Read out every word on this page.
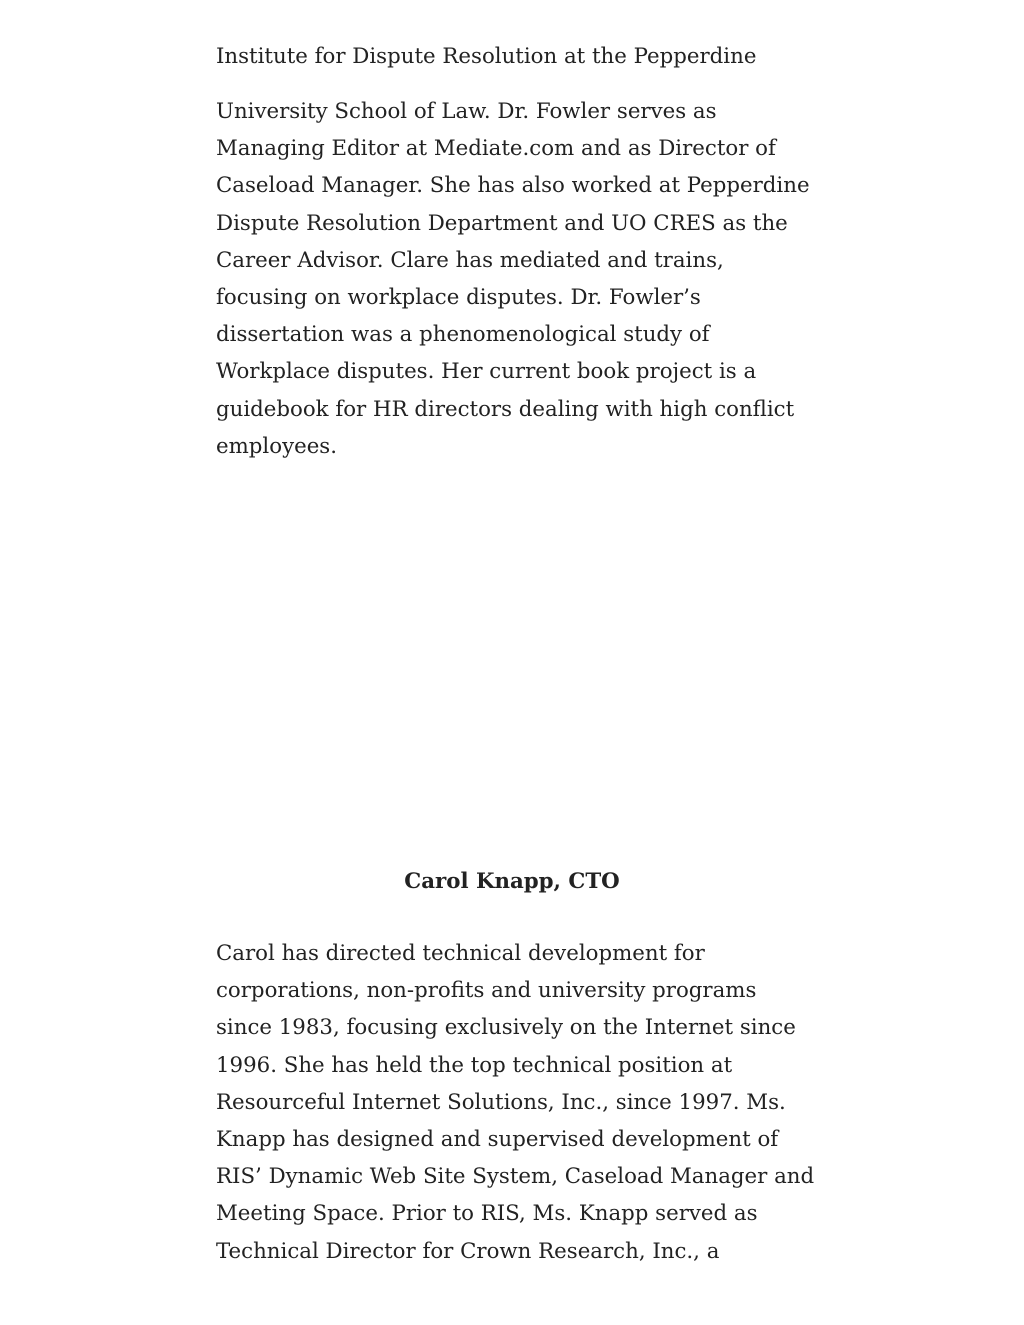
Institute for Dispute Resolution at the Pepperdine

University School of Law. Dr. Fowler serves as

Managing Editor at Mediate.com and as Director of

Caseload Manager. She has also worked at Pepperdine

Dispute Resolution Department and UO CRES as the

Career Advisor. Clare has mediated and trains,

focusing on workplace disputes. Dr. Fowler’s

dissertation was a phenomenological study of

Workplace disputes. Her current book project is a

guidebook for HR directors dealing with high conflict

employees.

Carol Knapp, CTO

Carol has directed technical development for

corporations, non-profits and university programs

since 1983, focusing exclusively on the Internet since

1996. She has held the top technical position at

Resourceful Internet Solutions, Inc., since 1997. Ms.

Knapp has designed and supervised development of

RIS’ Dynamic Web Site System, Caseload Manager and

Meeting Space. Prior to RIS, Ms. Knapp served as

Technical Director for Crown Research, Inc., a
